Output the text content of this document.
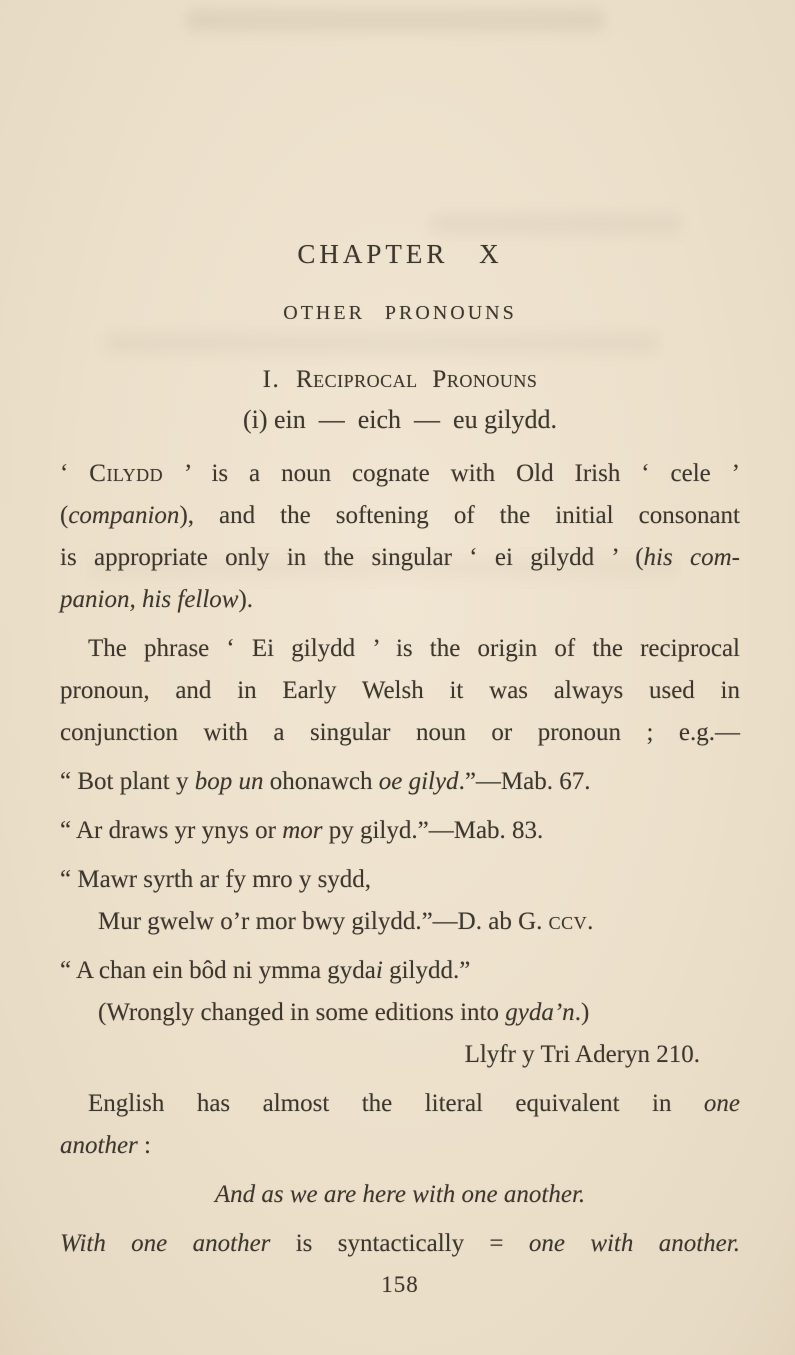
CHAPTER X
OTHER PRONOUNS
I. Reciprocal Pronouns
(i) ein — eich — eu gilydd.
‘ Cilydd ’ is a noun cognate with Old Irish ‘ cele ’
(companion), and the softening of the initial consonant
is appropriate only in the singular ‘ ei gilydd ’ (his com-
panion, his fellow).
The phrase ‘ Ei gilydd ’ is the origin of the reciprocal
pronoun, and in Early Welsh it was always used in
conjunction with a singular noun or pronoun ; e.g.—
“ Bot plant y bop un ohonawch oe gilyd.”—Mab. 67.
“ Ar draws yr ynys or mor py gilyd.”—Mab. 83.
“ Mawr syrth ar fy mro y sydd,
Mur gwelw o’r mor bwy gilydd.”—D. ab G. ccv.
“ A chan ein bôd ni ymma gydai gilydd.”
(Wrongly changed in some editions into gyda’n.)
Llyfr y Tri Aderyn 210.
English has almost the literal equivalent in one
another :
And as we are here with one another.
With one another is syntactically = one with another.
158
